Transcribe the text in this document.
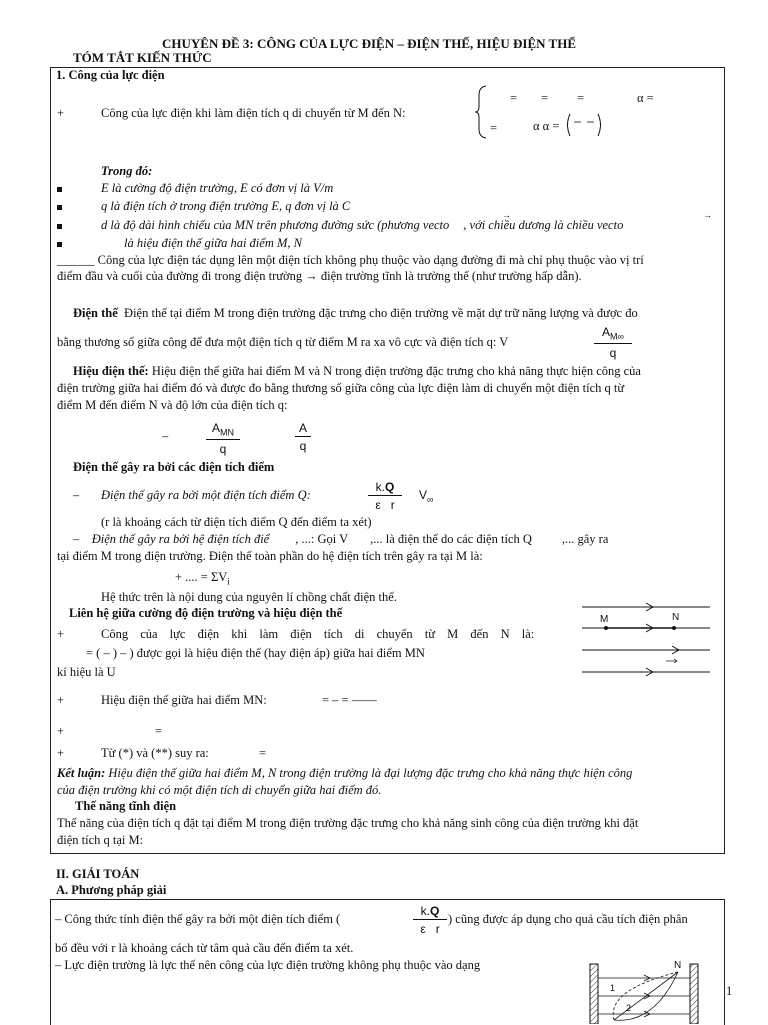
CHUYÊN ĐỀ 3: CÔNG CỦA LỰC ĐIỆN – ĐIỆN THẾ, HIỆU ĐIỆN THẾ
TÓM TẮT KIẾN THỨC
1. Công của lực điện
+	Công của lực điện khi làm điện tích q di chuyển từ M đến N:
= = =	α =
=	α α =
Trong đó:
E là cường độ điện trường, E có đơn vị là V/m
q là điện tích ở trong điện trường E, q đơn vị là C
d là độ dài hình chiếu của MN trên phương đường sức (phương vecto , với chiều dương là chiều vecto
→	→
là hiệu điện thế giữa hai điểm M, N
______ Công của lực điện tác dụng lên một điện tích không phụ thuộc vào dạng đường đi mà chỉ phụ thuộc vào vị trí
điểm đầu và cuối của đường đi trong điện trường → điện trường tĩnh là trường thế (như trường hấp dẫn).
Điện thế Điện thế tại điểm M trong điện trường đặc trưng cho điện trường về mặt dự trữ năng lượng và được đo
bằng thương số giữa công để đưa một điện tích q từ điểm M ra xa vô cực và điện tích q: V	$\frac{A_{M\infty}}{q}$
Hiệu điện thế: Hiệu điện thế giữa hai điểm M và N trong điện trường đặc trưng cho khả năng thực hiện công của
điện trường giữa hai điểm đó và được đo bằng thương số giữa công của lực điện làm di chuyển một điện tích q từ
điểm M đến điểm N và độ lớn của điện tích q:
–
$A_{MN}$
q	$\frac{A}{q}$
Điện thế gây ra bởi các điện tích điểm
– Điện thế gây ra bởi một điện tích điểm Q:	$\frac{k.Q}{\text{ε r}} V_\infty$
(r là khoảng cách từ điện tích điểm Q đến điểm ta xét)
–    Điện thế gây ra bởi hệ điện tích điể , ...: Gọi V ,... là điện thế do các điện tích Q ,... gây ra
tại điểm M trong điện trường. Điện thế toàn phần do hệ điện tích trên gây ra tại M là:
+ .... = $\Sigma V_i$
Hệ thức trên là nội dung của nguyên lí chồng chất điện thế.
Liên hệ giữa cường độ điện trường và hiệu điện thế
+	Công của lực điện khi làm điện tích di chuyển từ M đến N là:
= ( – ) – ) được gọi là hiệu điện thế (hay điện áp) giữa hai điểm MN
kí hiệu là U
M	N
+	Hiệu điện thế giữa hai điểm MN:	= – = ——
+	=
+	Từ (*) và (**) suy ra:	=
Kết luận: Hiệu điện thế giữa hai điểm M, N trong điện trường là đại lượng đặc trưng cho khả năng thực hiện công
của điện trường khi có một điện tích di chuyển giữa hai điểm đó.
Thế năng tĩnh điện
Thế năng của điện tích q đặt tại điểm M trong điện trường đặc trưng cho khả năng sinh công của điện trường khi đặt
điện tích q tại M:
II. GIẢI TOÁN
A. Phương pháp giải
– Công thức tính điện thế gây ra bởi một điện tích điểm (	$\frac{k.Q}{\text{ε r}}$ ) cũng được áp dụng cho quả cầu tích điện phân
bố đều với r là khoảng cách từ tâm quả cầu đến điểm ta xét.
– Lực điện trường là lực thế nên công của lực điện trường không phụ thuộc vào dạng	N
1
2
1
